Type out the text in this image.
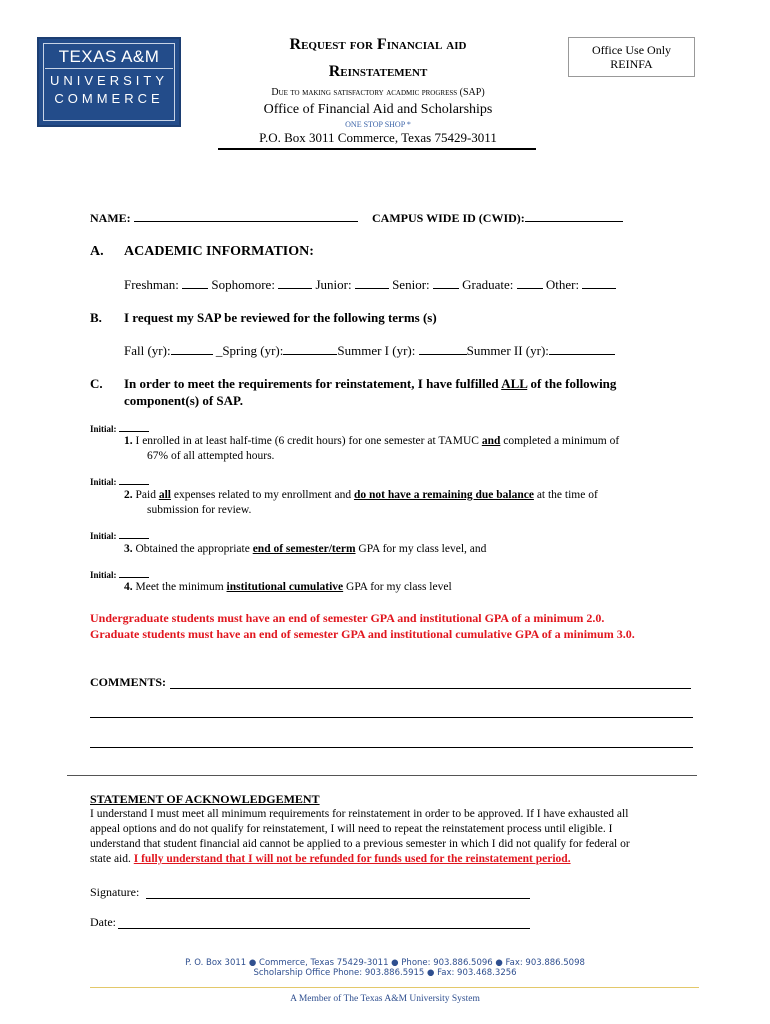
TEXAS A&M
UNIVERSITY
COMMERCE
Request for Financial aid
Reinstatement
Due to making satisfactory acadmic progress (SAP)
Office of Financial Aid and Scholarships
ONE STOP SHOP *
P.O. Box 3011 Commerce, Texas 75429-3011
Office Use Only
REINFA
NAME:	CAMPUS WIDE ID (CWID):
A. ACADEMIC INFORMATION:
Freshman:	Sophomore:	Junior:	Senior:	Graduate:	Other:
B. I request my SAP be reviewed for the following terms (s)
Fall (yr):	_Spring (yr):	Summer I (yr):	Summer II (yr):
C. In order to meet the requirements for reinstatement, I have fulfilled ALL of the following
component(s) of SAP.
Initial:
1. I enrolled in at least half-time (6 credit hours) for one semester at TAMUC and completed a minimum of
67% of all attempted hours.
Initial:
2. Paid all expenses related to my enrollment and do not have a remaining due balance at the time of
submission for review.
Initial:
3. Obtained the appropriate end of semester/term GPA for my class level, and
Initial:
4. Meet the minimum institutional cumulative GPA for my class level
Undergraduate students must have an end of semester GPA and institutional GPA of a minimum 2.0.
Graduate students must have an end of semester GPA and institutional cumulative GPA of a minimum 3.0.
COMMENTS:
STATEMENT OF ACKNOWLEDGEMENT
I understand I must meet all minimum requirements for reinstatement in order to be approved. If I have exhausted all
appeal options and do not qualify for reinstatement, I will need to repeat the reinstatement process until eligible. I
understand that student financial aid cannot be applied to a previous semester in which I did not qualify for federal or
state aid. I fully understand that I will not be refunded for funds used for the reinstatement period.
Signature:
Date:
P. O. Box 3011 ● Commerce, Texas 75429-3011 ● Phone: 903.886.5096 ● Fax: 903.886.5098
Scholarship Office Phone: 903.886.5915 ● Fax: 903.468.3256
A Member of The Texas A&M University System
